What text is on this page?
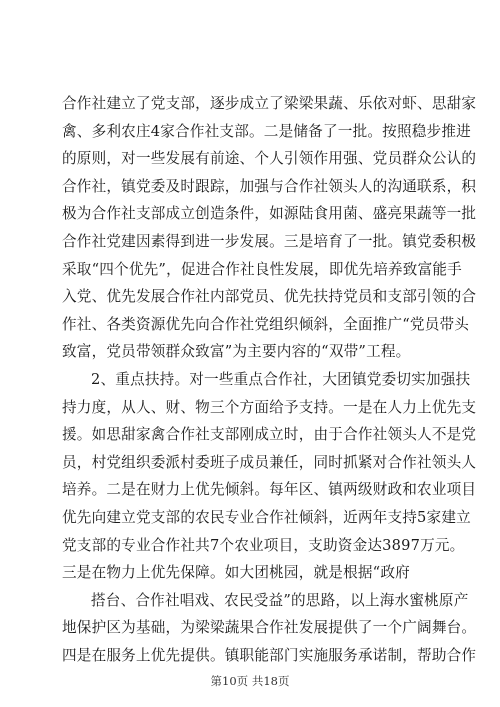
合作社建立了党支部，逐步成立了梁梁果蔬、乐依对虾、思甜家
禽、多利农庄4家合作社支部。二是储备了一批。按照稳步推进
的原则，对一些发展有前途、个人引领作用强、党员群众公认的
合作社，镇党委及时跟踪，加强与合作社领头人的沟通联系，积
极为合作社支部成立创造条件，如源陆食用菌、盛亮果蔬等一批
合作社党建因素得到进一步发展。三是培育了一批。镇党委积极
采取“四个优先”，促进合作社良性发展，即优先培养致富能手
入党、优先发展合作社内部党员、优先扶持党员和支部引领的合
作社、各类资源优先向合作社党组织倾斜，全面推广“党员带头
致富，党员带领群众致富”为主要内容的“双带”工程。
2、重点扶持。对一些重点合作社，大团镇党委切实加强扶
持力度，从人、财、物三个方面给予支持。一是在人力上优先支
援。如思甜家禽合作社支部刚成立时，由于合作社领头人不是党
员，村党组织委派村委班子成员兼任，同时抓紧对合作社领头人
培养。二是在财力上优先倾斜。每年区、镇两级财政和农业项目
优先向建立党支部的农民专业合作社倾斜，近两年支持5家建立
党支部的专业合作社共7个农业项目，支助资金达3897万元。
三是在物力上优先保障。如大团桃园，就是根据“政府
搭台、合作社唱戏、农民受益”的思路，以上海水蜜桃原产
地保护区为基础，为梁梁蔬果合作社发展提供了一个广阔舞台。
四是在服务上优先提供。镇职能部门实施服务承诺制，帮助合作
第10页 共18页
